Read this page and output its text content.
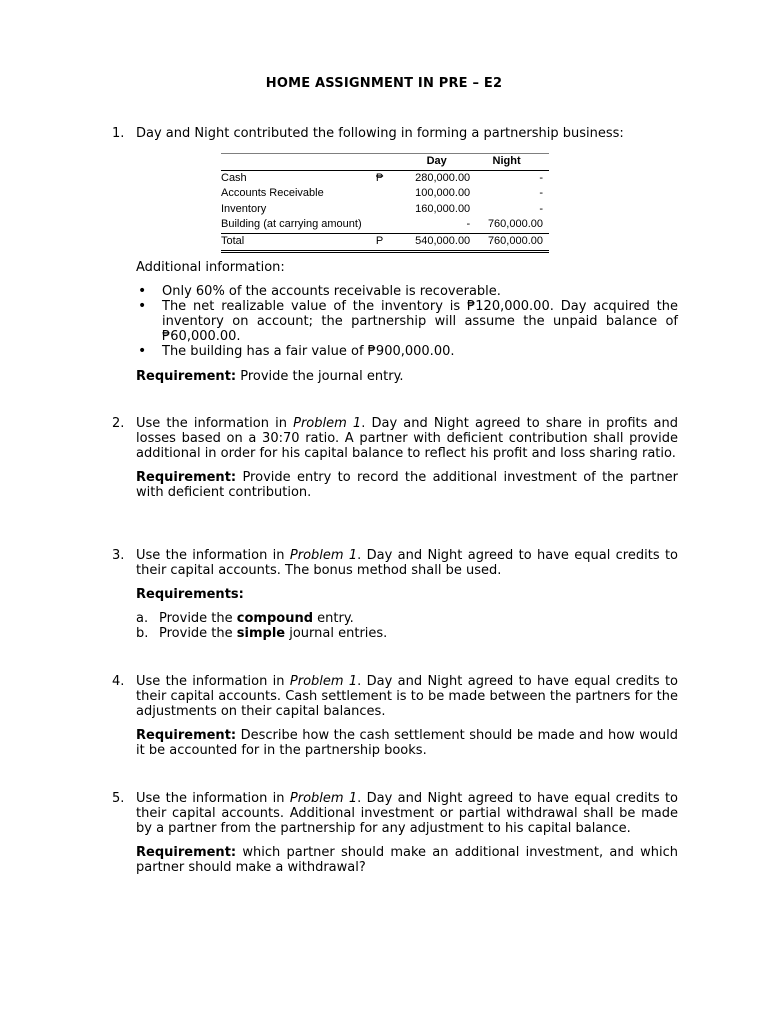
HOME ASSIGNMENT IN PRE – E2
1. Day and Night contributed the following in forming a partnership business:

		Day	Night
Cash	₱	280,000.00	-
Accounts Receivable		100,000.00	-
Inventory		160,000.00	-
Building (at carrying amount)		-	760,000.00
Total	P	540,000.00	760,000.00
Additional information:
• Only 60% of the accounts receivable is recoverable.
• The net realizable value of the inventory is ₱120,000.00. Day acquired the inventory on account; the partnership will assume the unpaid balance of ₱60,000.00.
• The building has a fair value of ₱900,000.00.
Requirement: Provide the journal entry.
2. Use the information in Problem 1. Day and Night agreed to share in profits and losses based on a 30:70 ratio. A partner with deficient contribution shall provide additional in order for his capital balance to reflect his profit and loss sharing ratio.

Requirement: Provide entry to record the additional investment of the partner with deficient contribution.

3. Use the information in Problem 1. Day and Night agreed to have equal credits to their capital accounts. The bonus method shall be used.

Requirements:

a. Provide the compound entry.
b. Provide the simple journal entries.
4. Use the information in Problem 1. Day and Night agreed to have equal credits to their capital accounts. Cash settlement is to be made between the partners for the adjustments on their capital balances.

Requirement: Describe how the cash settlement should be made and how would it be accounted for in the partnership books.

5. Use the information in Problem 1. Day and Night agreed to have equal credits to their capital accounts. Additional investment or partial withdrawal shall be made by a partner from the partnership for any adjustment to his capital balance.

Requirement: which partner should make an additional investment, and which partner should make a withdrawal?
